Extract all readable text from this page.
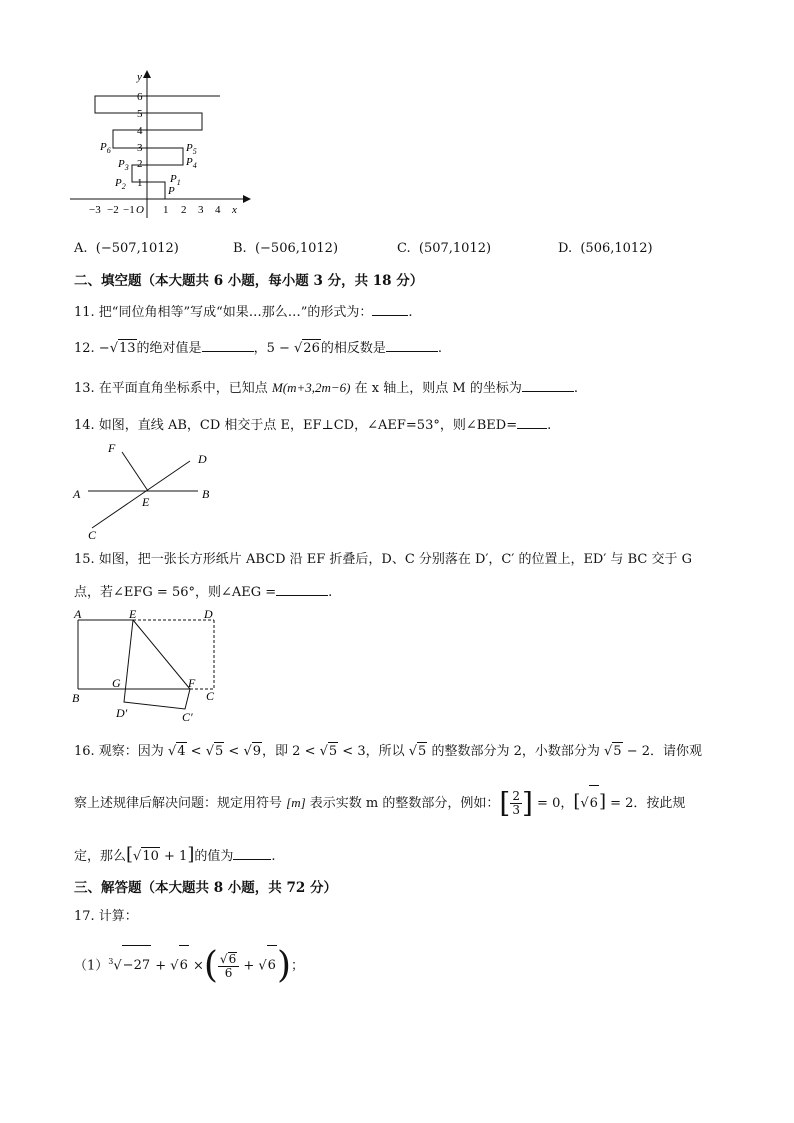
x
y
O
−3 −2 −1	1 2 3 4
1
2
3
4
5
6
$P_1$
$P_2$
$P_3$	$P_4$
$P_5$
$P_6$
P
A. (−507,1012)	B. (−506,1012)	C. (507,1012)	D. (506,1012)
二、填空题（本大题共 6 小题，每小题 3 分，共 18 分）
11. 把“同位角相等”写成“如果…那么…”的形式为：	.
12. −√13的绝对值是	，5 − √26的相反数是	.
13. 在平面直角坐标系中，已知点 M(m+3,2m−6) 在 x 轴上，则点 M 的坐标为	.
14. 如图，直线 AB，CD 相交于点 E，EF⊥CD，∠AEF=53°，则∠BED= .
A	B
C
D
E
F
15. 如图，把一张长方形纸片 ABCD 沿 EF 折叠后，D、C 分别落在 D′，C′ 的位置上，ED′ 与 BC 交于 G
点，若∠EFG = 56°，则∠AEG =	.
A	E	D
B
G	F
C
D′	C′
16. 观察：因为 √4 < √5 < √9，即 2 < √5 < 3，所以 √5 的整数部分为 2，小数部分为 √5 − 2．请你观
察上述规律后解决问题：规定用符号 [m] 表示实数 m 的整数部分，例如：[ $\frac{2}{3}$ ] = 0，[√6] = 2．按此规
定，那么[√10 + 1]的值为	.
三、解答题（本大题共 8 小题，共 72 分）
17. 计算：
$(1)^3√-27 + √6$ ×( $\frac{√6}{6} + √6$)；
